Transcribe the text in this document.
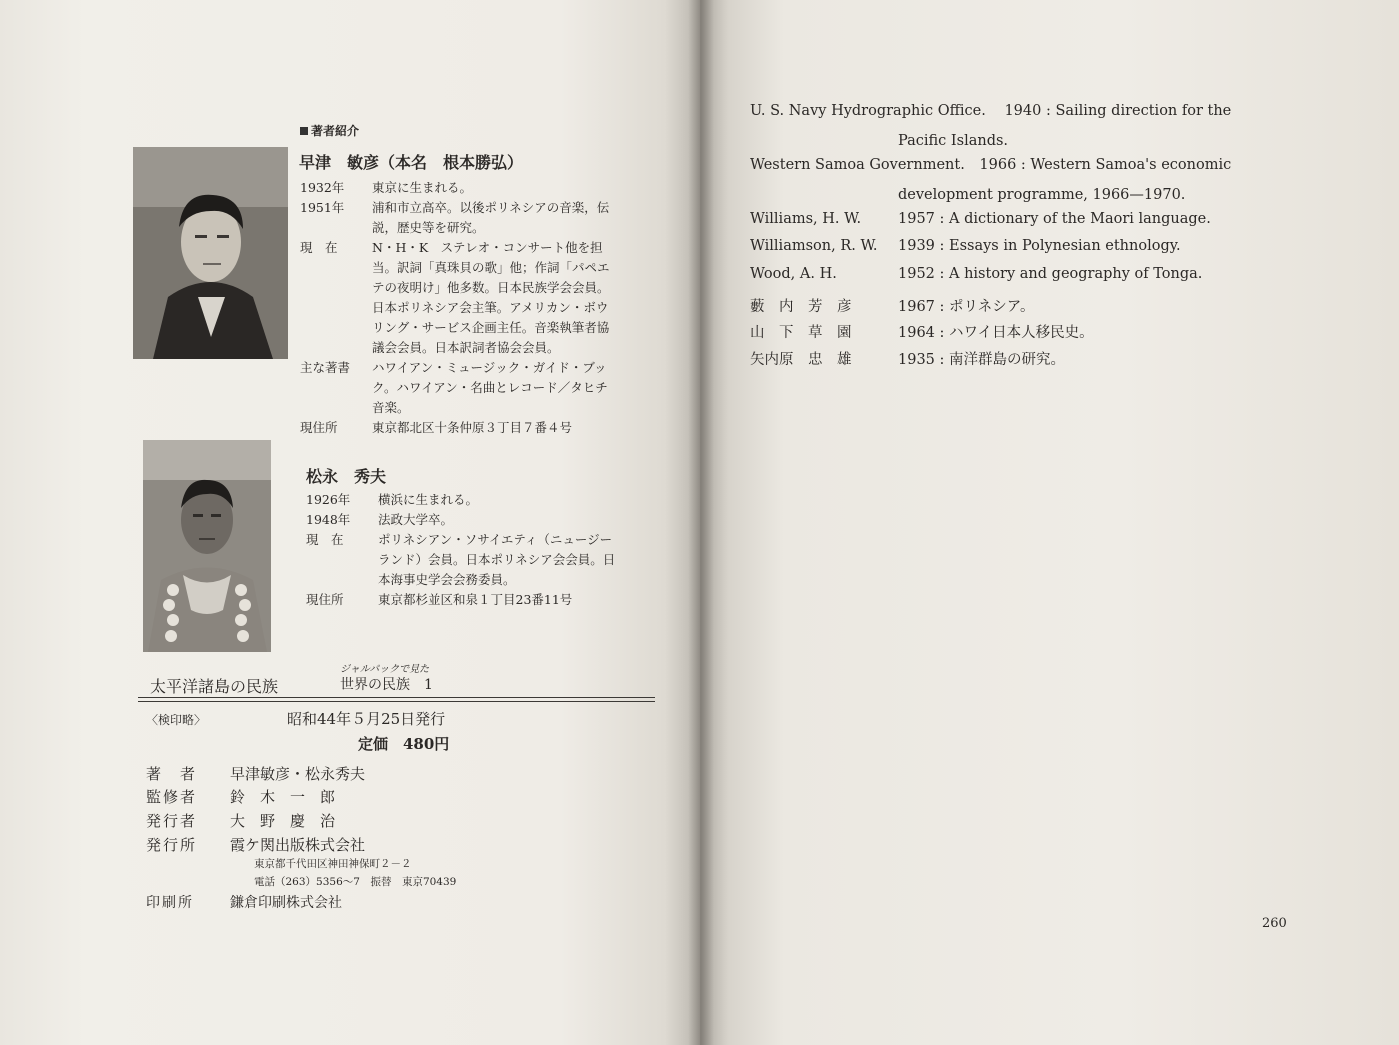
著者紹介
早津　敏彦（本名　根本勝弘）
1932年	東京に生まれる。
1951年	浦和市立高卒。以後ポリネシアの音楽，伝説，歴史等を研究。
現　在	N・H・K　ステレオ・コンサート他を担当。訳詞「真珠貝の歌」他；作詞「パペエテの夜明け」他多数。日本民族学会会員。日本ポリネシア会主筆。アメリカン・ボウリング・サービス企画主任。音楽執筆者協議会会員。日本訳詞者協会会員。
主な著書	ハワイアン・ミュージック・ガイド・ブック。ハワイアン・名曲とレコード／タヒチ音楽。
現住所	東京都北区十条仲原３丁目７番４号
松永　秀夫
1926年	横浜に生まれる。
1948年	法政大学卒。
現　在	ポリネシアン・ソサイエティ（ニュージーランド）会員。日本ポリネシア会会員。日本海事史学会会務委員。
現住所	東京都杉並区和泉１丁目23番11号
太平洋諸島の民族
ジャルパックで見た
世界の民族　1
〈検印略〉	昭和44年５月25日発行
定価　480円
著　者	早津敏彦・松永秀夫
監修者	鈴　木　一　郎
発行者	大　野　慶　治
発行所	霞ケ関出版株式会社
東京都千代田区神田神保町２－２
電話（263）5356～7　振替　東京70439
印刷所	鎌倉印刷株式会社
U. S. Navy Hydrographic Office. 1940 : Sailing direction for the
Pacific Islands.
Western Samoa Government. 1966 : Western Samoa's economic
development programme, 1966—1970.
Williams, H. W.	1957 : A dictionary of the Maori language.
Williamson, R. W. 1939 : Essays in Polynesian ethnology.
Wood, A. H.	1952 : A history and geography of Tonga.
藪　内　芳　彦	1967 : ポリネシア。
山　下　草　園	1964 : ハワイ日本人移民史。
矢内原　忠　雄	1935 : 南洋群島の研究。
260
